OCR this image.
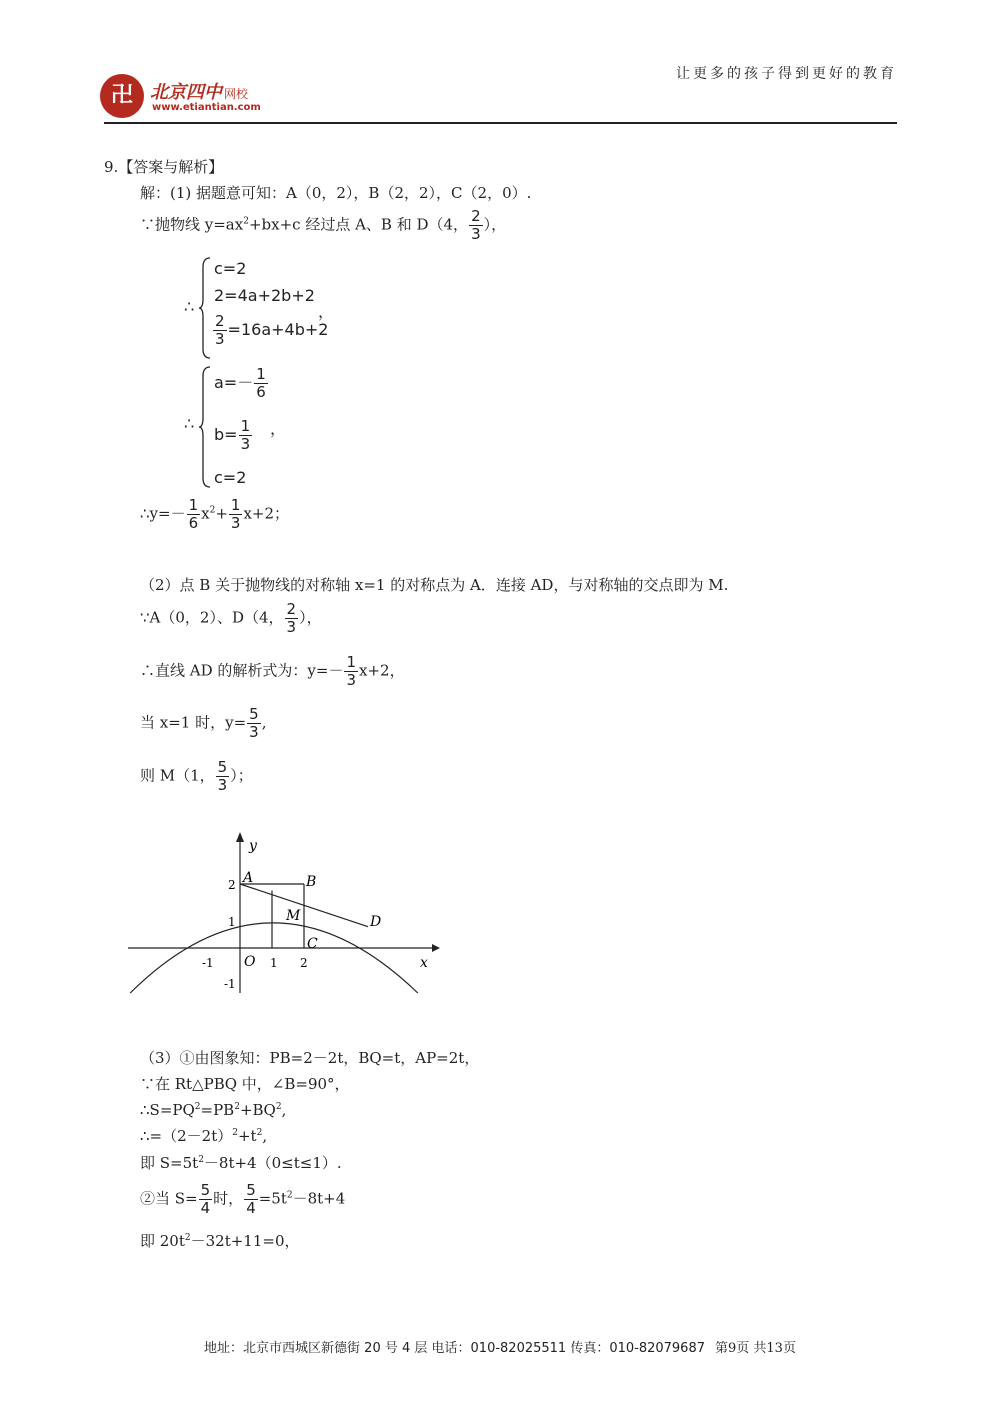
卍 北京四中 网校
www.etiantian.com
让更多的孩子得到更好的教育
9.【答案与解析】
解：(1) 据题意可知：A（0，2），B（2，2），C（2，0）.
∵抛物线 $y=ax^2+bx+c$ 经过点 A、B 和 D（4， $\frac{2}{3}$ ），
∴
c=2
2=4a+2b+2
$\frac{2}{3} =16a+4b+2$
，
∴
$a=- \frac{1}{6}$
$b= \frac{1}{3}$
c=2
，
∴y=－ $\frac{1}{6} x^2+ \frac{1}{3} x+2$；
（2）点 B 关于抛物线的对称轴 x=1 的对称点为 A．连接 AD，与对称轴的交点即为 M.
∵A（0，2）、D（4， $\frac{2}{3}$ ），
∴直线 AD 的解析式为：$y=- \frac{1}{3} x+2$，
当 x=1 时，$y= \frac{5}{3}$ ,
则 M（1， $\frac{5}{3}$ ）；
y
x
O
-1	1 2
1
2
-1
A	B
C
D
M
（3）①由图象知：PB=2－2t，BQ=t，AP=2t，
∵在 Rt△PBQ 中，∠B=90°，
$\therefore S=PQ^2=PB^2+BQ^2$,
$\therefore=(2-2t)^2+t^2$,
即 $S=5t^2-8t+4(0\le t\le 1)$.
②当 $S= \frac{5}{4}$ 时， $\frac{5}{4} =5t^2-8t+4$
即 $20t^2-32t+11=0$，
地址：北京市西城区新德街 20 号 4 层 电话：010-82025511 传真：010-82079687 第9页 共13页
